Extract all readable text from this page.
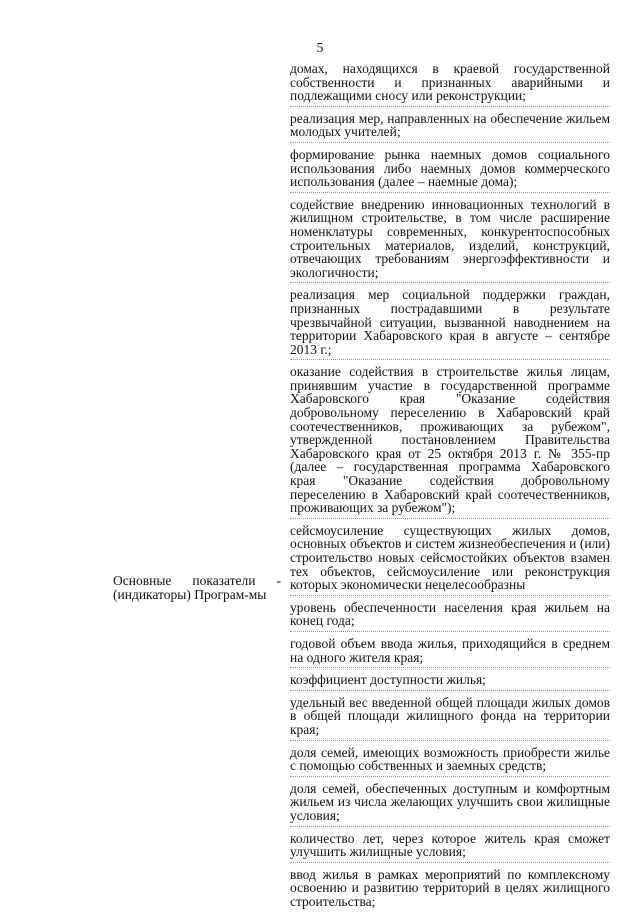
5
Основные показатели - (индикаторы) Програм-мы

домах, находящихся в краевой государственной собственности и признанных аварийными и подлежащими сносу или реконструкции;

реализация мер, направленных на обеспечение жильем молодых учителей;

формирование рынка наемных домов социального использования либо наемных домов коммерческого использования (далее – наемные дома);

содействие внедрению инновационных технологий в жилищном строительстве, в том числе расширение номенклатуры современных, конкурентоспособных строительных материалов, изделий, конструкций, отвечающих требованиям энергоэффективности и экологичности;

реализация мер социальной поддержки граждан, признанных пострадавшими в результате чрезвычайной ситуации, вызванной наводнением на территории Хабаровского края в августе – сентябре 2013 г.;

оказание содействия в строительстве жилья лицам, принявшим участие в государственной программе Хабаровского края "Оказание содействия добровольному переселению в Хабаровский край соотечественников, проживающих за рубежом", утвержденной постановлением Правительства Хабаровского края от 25 октября 2013 г. № 355-пр (далее – государственная программа Хабаровского края "Оказание содействия добровольному переселению в Хабаровский край соотечественников, проживающих за рубежом");

сейсмоусиление существующих жилых домов, основных объектов и систем жизнеобеспечения и (или) строительство новых сейсмостойких объектов взамен тех объектов, сейсмоусиление или реконструкция которых экономически нецелесообразны

уровень обеспеченности населения края жильем на конец года;

годовой объем ввода жилья, приходящийся в среднем на одного жителя края;

коэффициент доступности жилья;

удельный вес введенной общей площади жилых домов в общей площади жилищного фонда на территории края;

доля семей, имеющих возможность приобрести жилье с помощью собственных и заемных средств;

доля семей, обеспеченных доступным и комфортным жильем из числа желающих улучшить свои жилищные условия;

количество лет, через которое житель края сможет улучшить жилищные условия;

ввод жилья в рамках мероприятий по комплексному освоению и развитию территорий в целях жилищного строительства;
